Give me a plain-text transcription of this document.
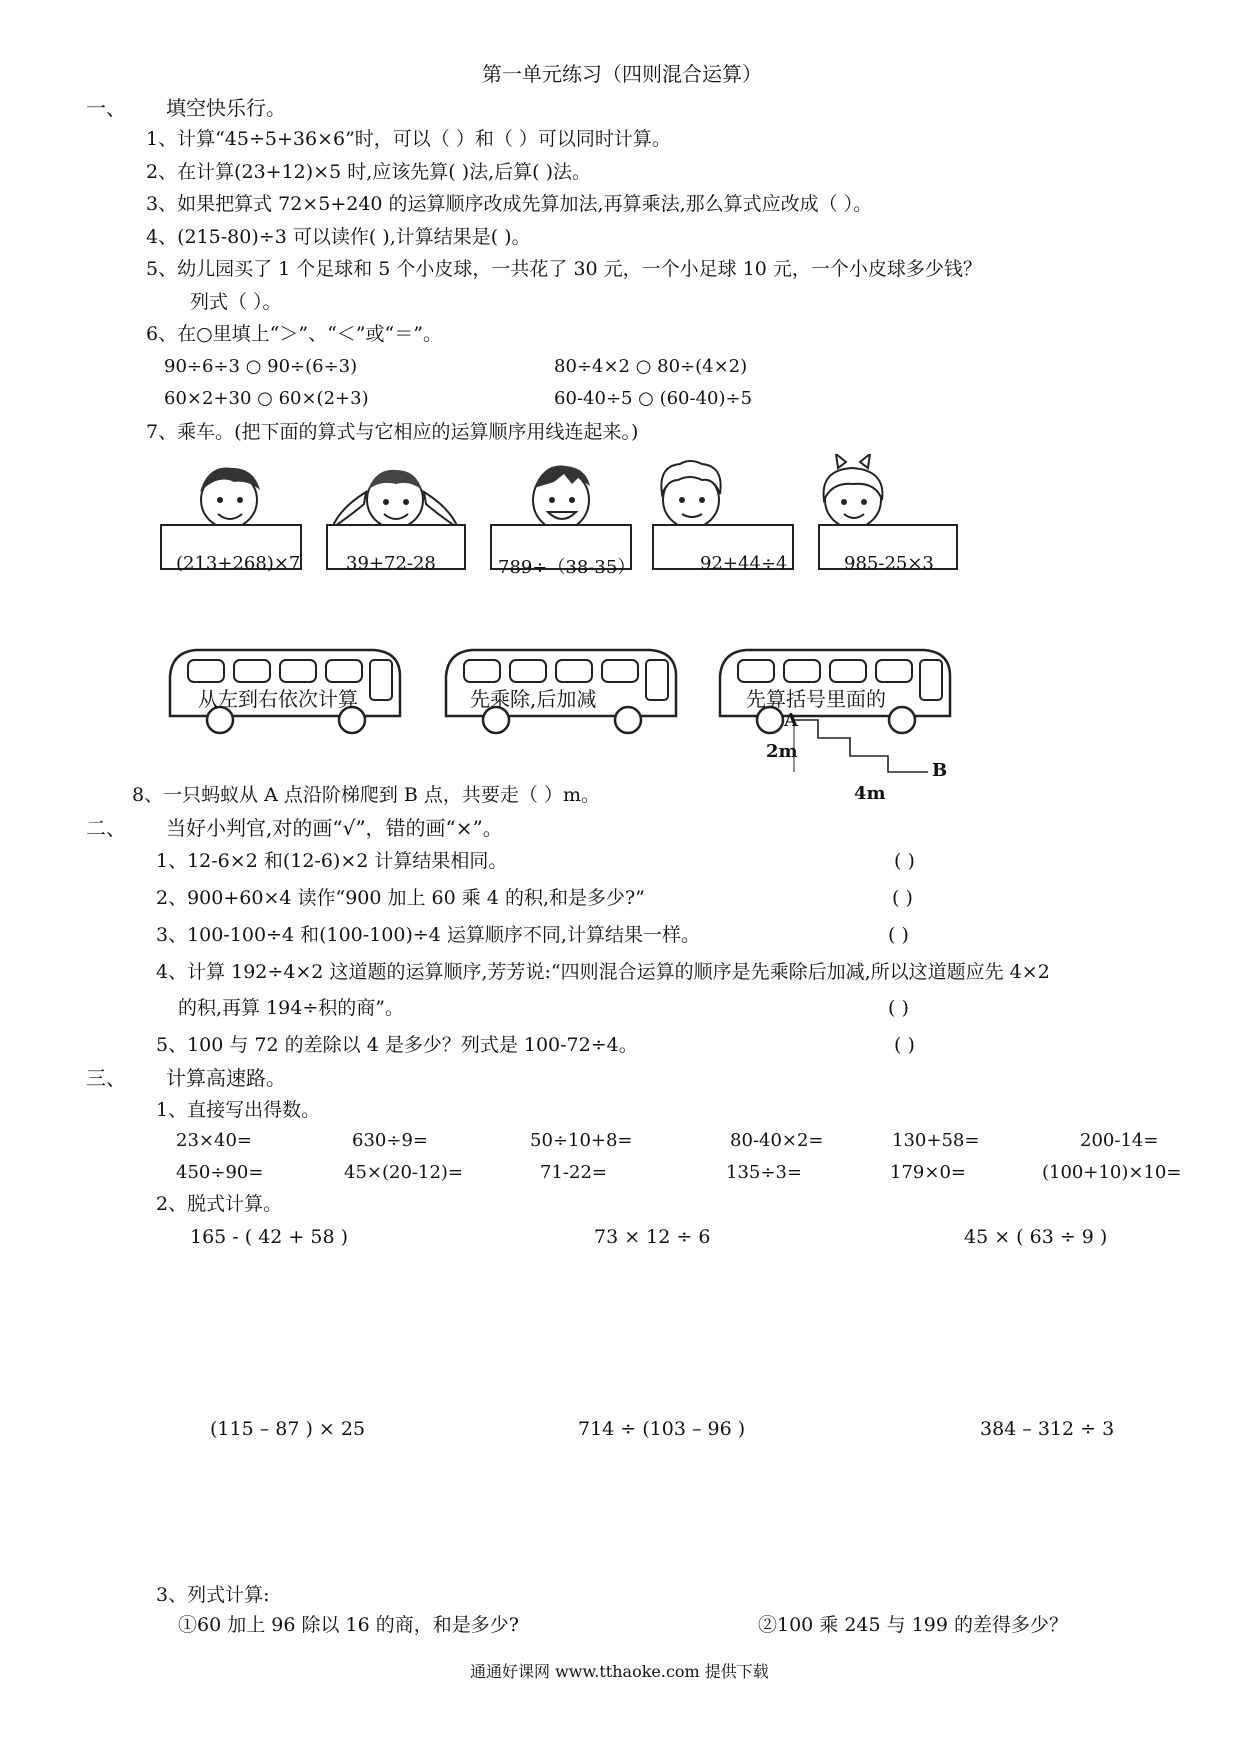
第一单元练习（四则混合运算）
一、 填空快乐行。
1、计算“45÷5+36×6”时，可以（ ）和（ ）可以同时计算。
2、在计算(23+12)×5 时,应该先算( )法,后算( )法。
3、如果把算式 72×5+240 的运算顺序改成先算加法,再算乘法,那么算式应改成（ ）。
4、(215-80)÷3 可以读作( ),计算结果是( )。
5、幼儿园买了 1 个足球和 5 个小皮球，一共花了 30 元，一个小足球 10 元，一个小皮球多少钱？
列式（ ）。
6、在○里填上“＞”、“＜”或“＝”。
90÷6÷3 ○ 90÷(6÷3)	80÷4×2 ○ 80÷(4×2)
60×2+30 ○ 60×(2+3)	60-40÷5 ○ (60-40)÷5
7、乘车。(把下面的算式与它相应的运算顺序用线连起来。)
(213+268)×7	39+72-28	789÷（38-35）	92+44÷4	985-25×3
从左到右依次计算	先乘除,后加减	先算括号里面的
A
2m
4m
B
8、一只蚂蚁从 A 点沿阶梯爬到 B 点，共要走（ ）m。
二、 当好小判官,对的画“√”，错的画“×”。
1、12-6×2 和(12-6)×2 计算结果相同。	( )
2、900+60×4 读作“900 加上 60 乘 4 的积,和是多少?”	( )
3、100-100÷4 和(100-100)÷4 运算顺序不同,计算结果一样。	( )
4、计算 192÷4×2 这道题的运算顺序,芳芳说:“四则混合运算的顺序是先乘除后加减,所以这道题应先 4×2
的积,再算 194÷积的商”。	( )
5、100 与 72 的差除以 4 是多少？列式是 100-72÷4。	( )
三、 计算高速路。
1、直接写出得数。
23×40=	630÷9=	50÷10+8=	80-40×2=	130+58=	200-14=
450÷90=	45×(20-12)=	71-22=	135÷3=	179×0=	(100+10)×10=
2、脱式计算。
165 - ( 42 + 58 )	73 × 12 ÷ 6	45 × ( 63 ÷ 9 )
(115 – 87 ) × 25	714 ÷ (103 – 96 )	384 – 312 ÷ 3
3、列式计算:
①60 加上 96 除以 16 的商，和是多少?	②100 乘 245 与 199 的差得多少？
通通好课网 www.tthaoke.com 提供下载
